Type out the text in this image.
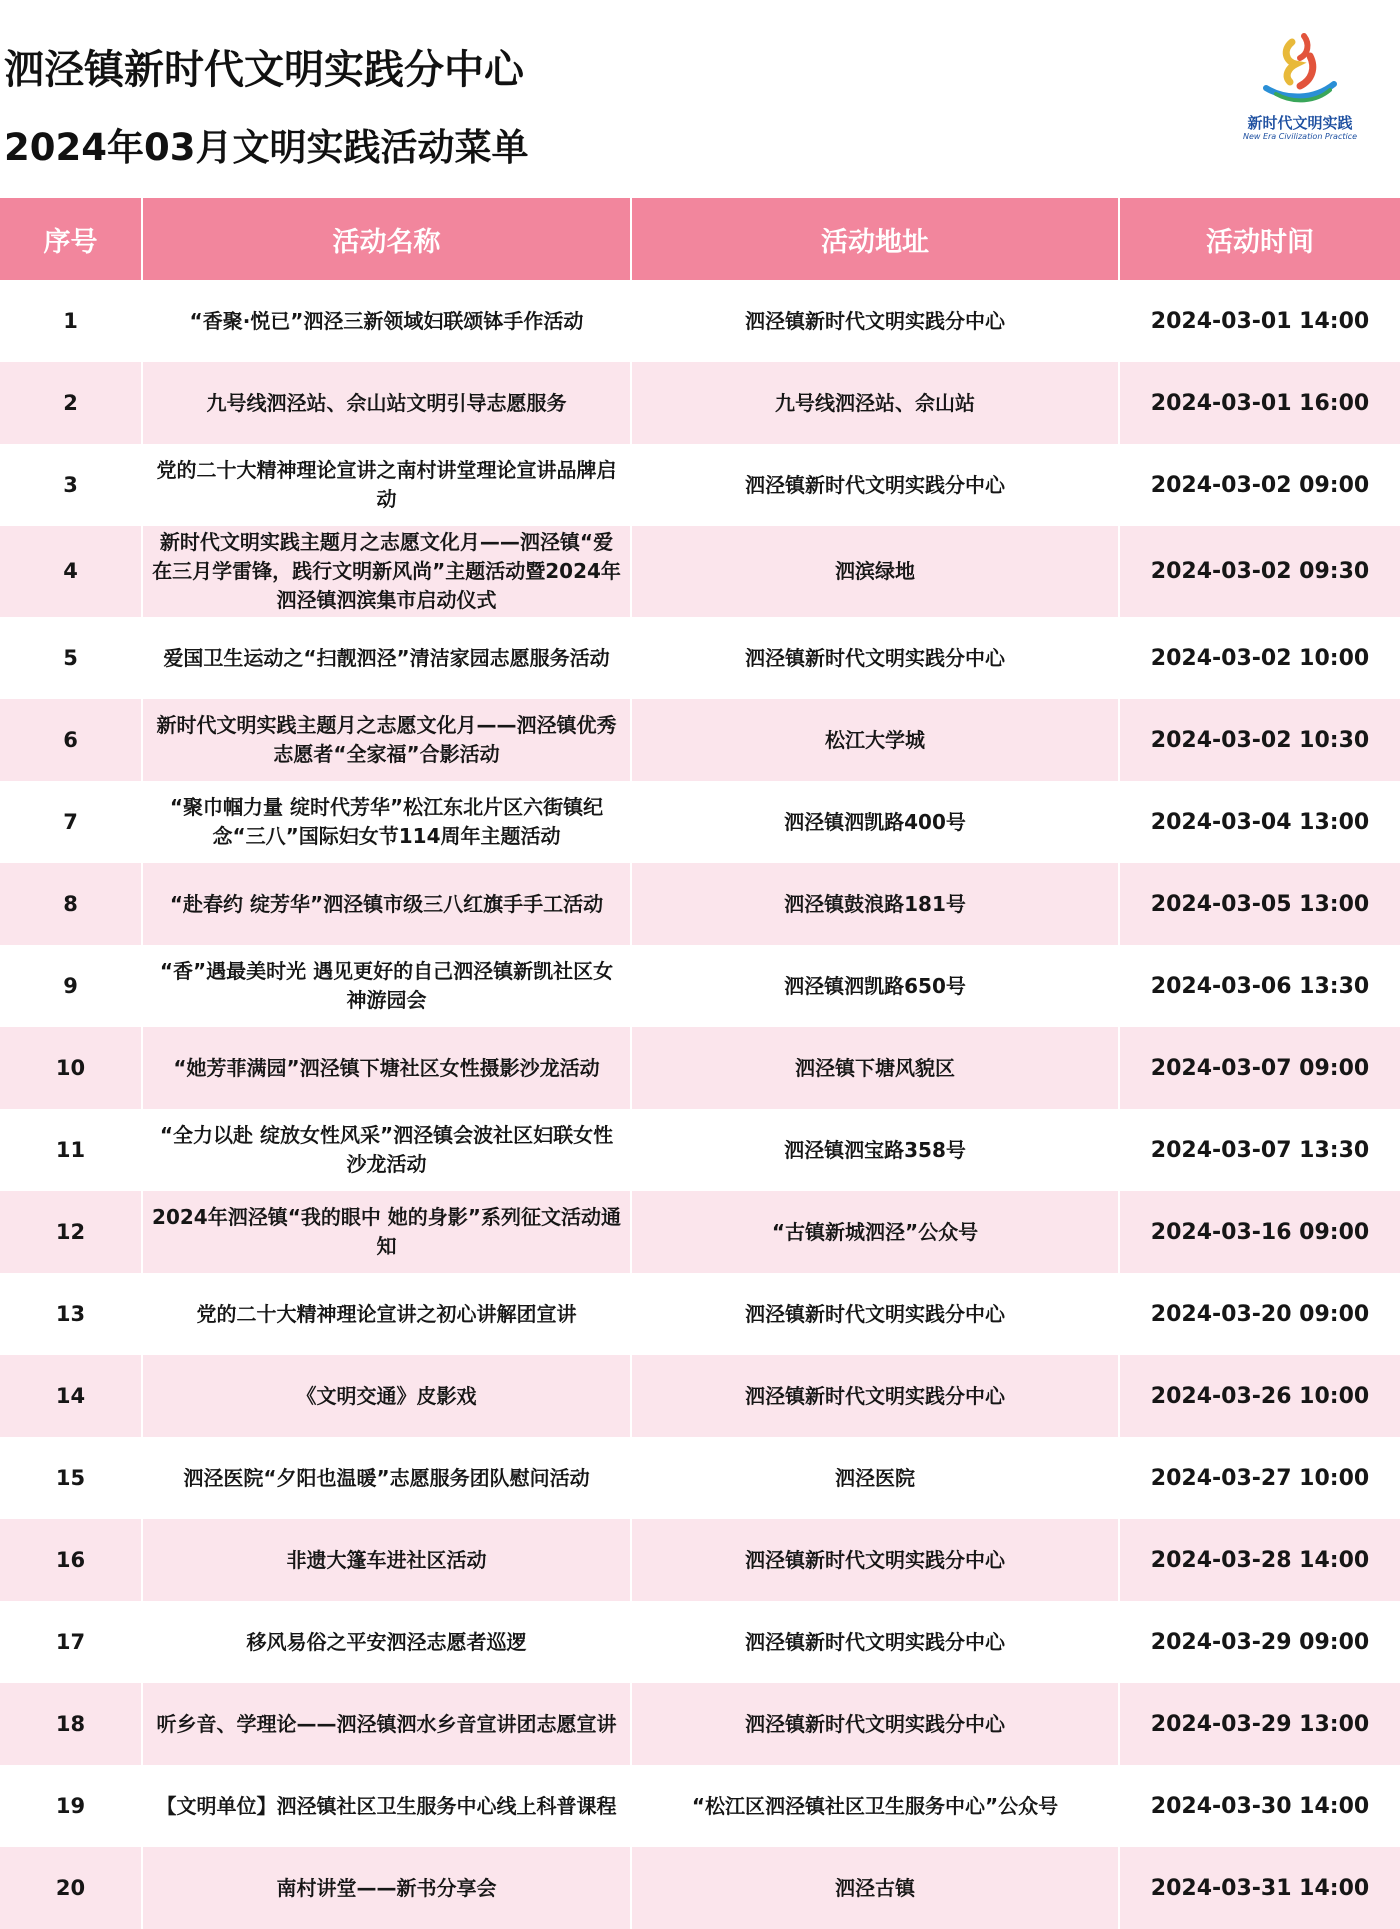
泗泾镇新时代文明实践分中心
2024年03月文明实践活动菜单
新时代文明实践
New Era Civilization Practice
序号	活动名称	活动地址	活动时间
1	“香聚·悦已”泗泾三新领域妇联颂钵手作活动	泗泾镇新时代文明实践分中心	2024-03-01 14:00
2	九号线泗泾站、佘山站文明引导志愿服务	九号线泗泾站、佘山站	2024-03-01 16:00
3	党的二十大精神理论宣讲之南村讲堂理论宣讲品牌启动	泗泾镇新时代文明实践分中心	2024-03-02 09:00
4	新时代文明实践主题月之志愿文化月——泗泾镇“爱在三月学雷锋，践行文明新风尚”主题活动暨2024年泗泾镇泗滨集市启动仪式	泗滨绿地	2024-03-02 09:30
5	爱国卫生运动之“扫靓泗泾”清洁家园志愿服务活动	泗泾镇新时代文明实践分中心	2024-03-02 10:00
6	新时代文明实践主题月之志愿文化月——泗泾镇优秀志愿者“全家福”合影活动	松江大学城	2024-03-02 10:30
7	“聚巾帼力量 绽时代芳华”松江东北片区六街镇纪念“三八”国际妇女节114周年主题活动	泗泾镇泗凯路400号	2024-03-04 13:00
8	“赴春约 绽芳华”泗泾镇市级三八红旗手手工活动	泗泾镇鼓浪路181号	2024-03-05 13:00
9	“香”遇最美时光 遇见更好的自己泗泾镇新凯社区女神游园会	泗泾镇泗凯路650号	2024-03-06 13:30
10	“她芳菲满园”泗泾镇下塘社区女性摄影沙龙活动	泗泾镇下塘风貌区	2024-03-07 09:00
11	“全力以赴 绽放女性风采”泗泾镇会波社区妇联女性沙龙活动	泗泾镇泗宝路358号	2024-03-07 13:30
12	2024年泗泾镇“我的眼中 她的身影”系列征文活动通知	“古镇新城泗泾”公众号	2024-03-16 09:00
13	党的二十大精神理论宣讲之初心讲解团宣讲	泗泾镇新时代文明实践分中心	2024-03-20 09:00
14	《文明交通》皮影戏	泗泾镇新时代文明实践分中心	2024-03-26 10:00
15	泗泾医院“夕阳也温暖”志愿服务团队慰问活动	泗泾医院	2024-03-27 10:00
16	非遗大篷车进社区活动	泗泾镇新时代文明实践分中心	2024-03-28 14:00
17	移风易俗之平安泗泾志愿者巡逻	泗泾镇新时代文明实践分中心	2024-03-29 09:00
18	听乡音、学理论——泗泾镇泗水乡音宣讲团志愿宣讲	泗泾镇新时代文明实践分中心	2024-03-29 13:00
19	【文明单位】泗泾镇社区卫生服务中心线上科普课程	“松江区泗泾镇社区卫生服务中心”公众号	2024-03-30 14:00
20	南村讲堂——新书分享会	泗泾古镇	2024-03-31 14:00
